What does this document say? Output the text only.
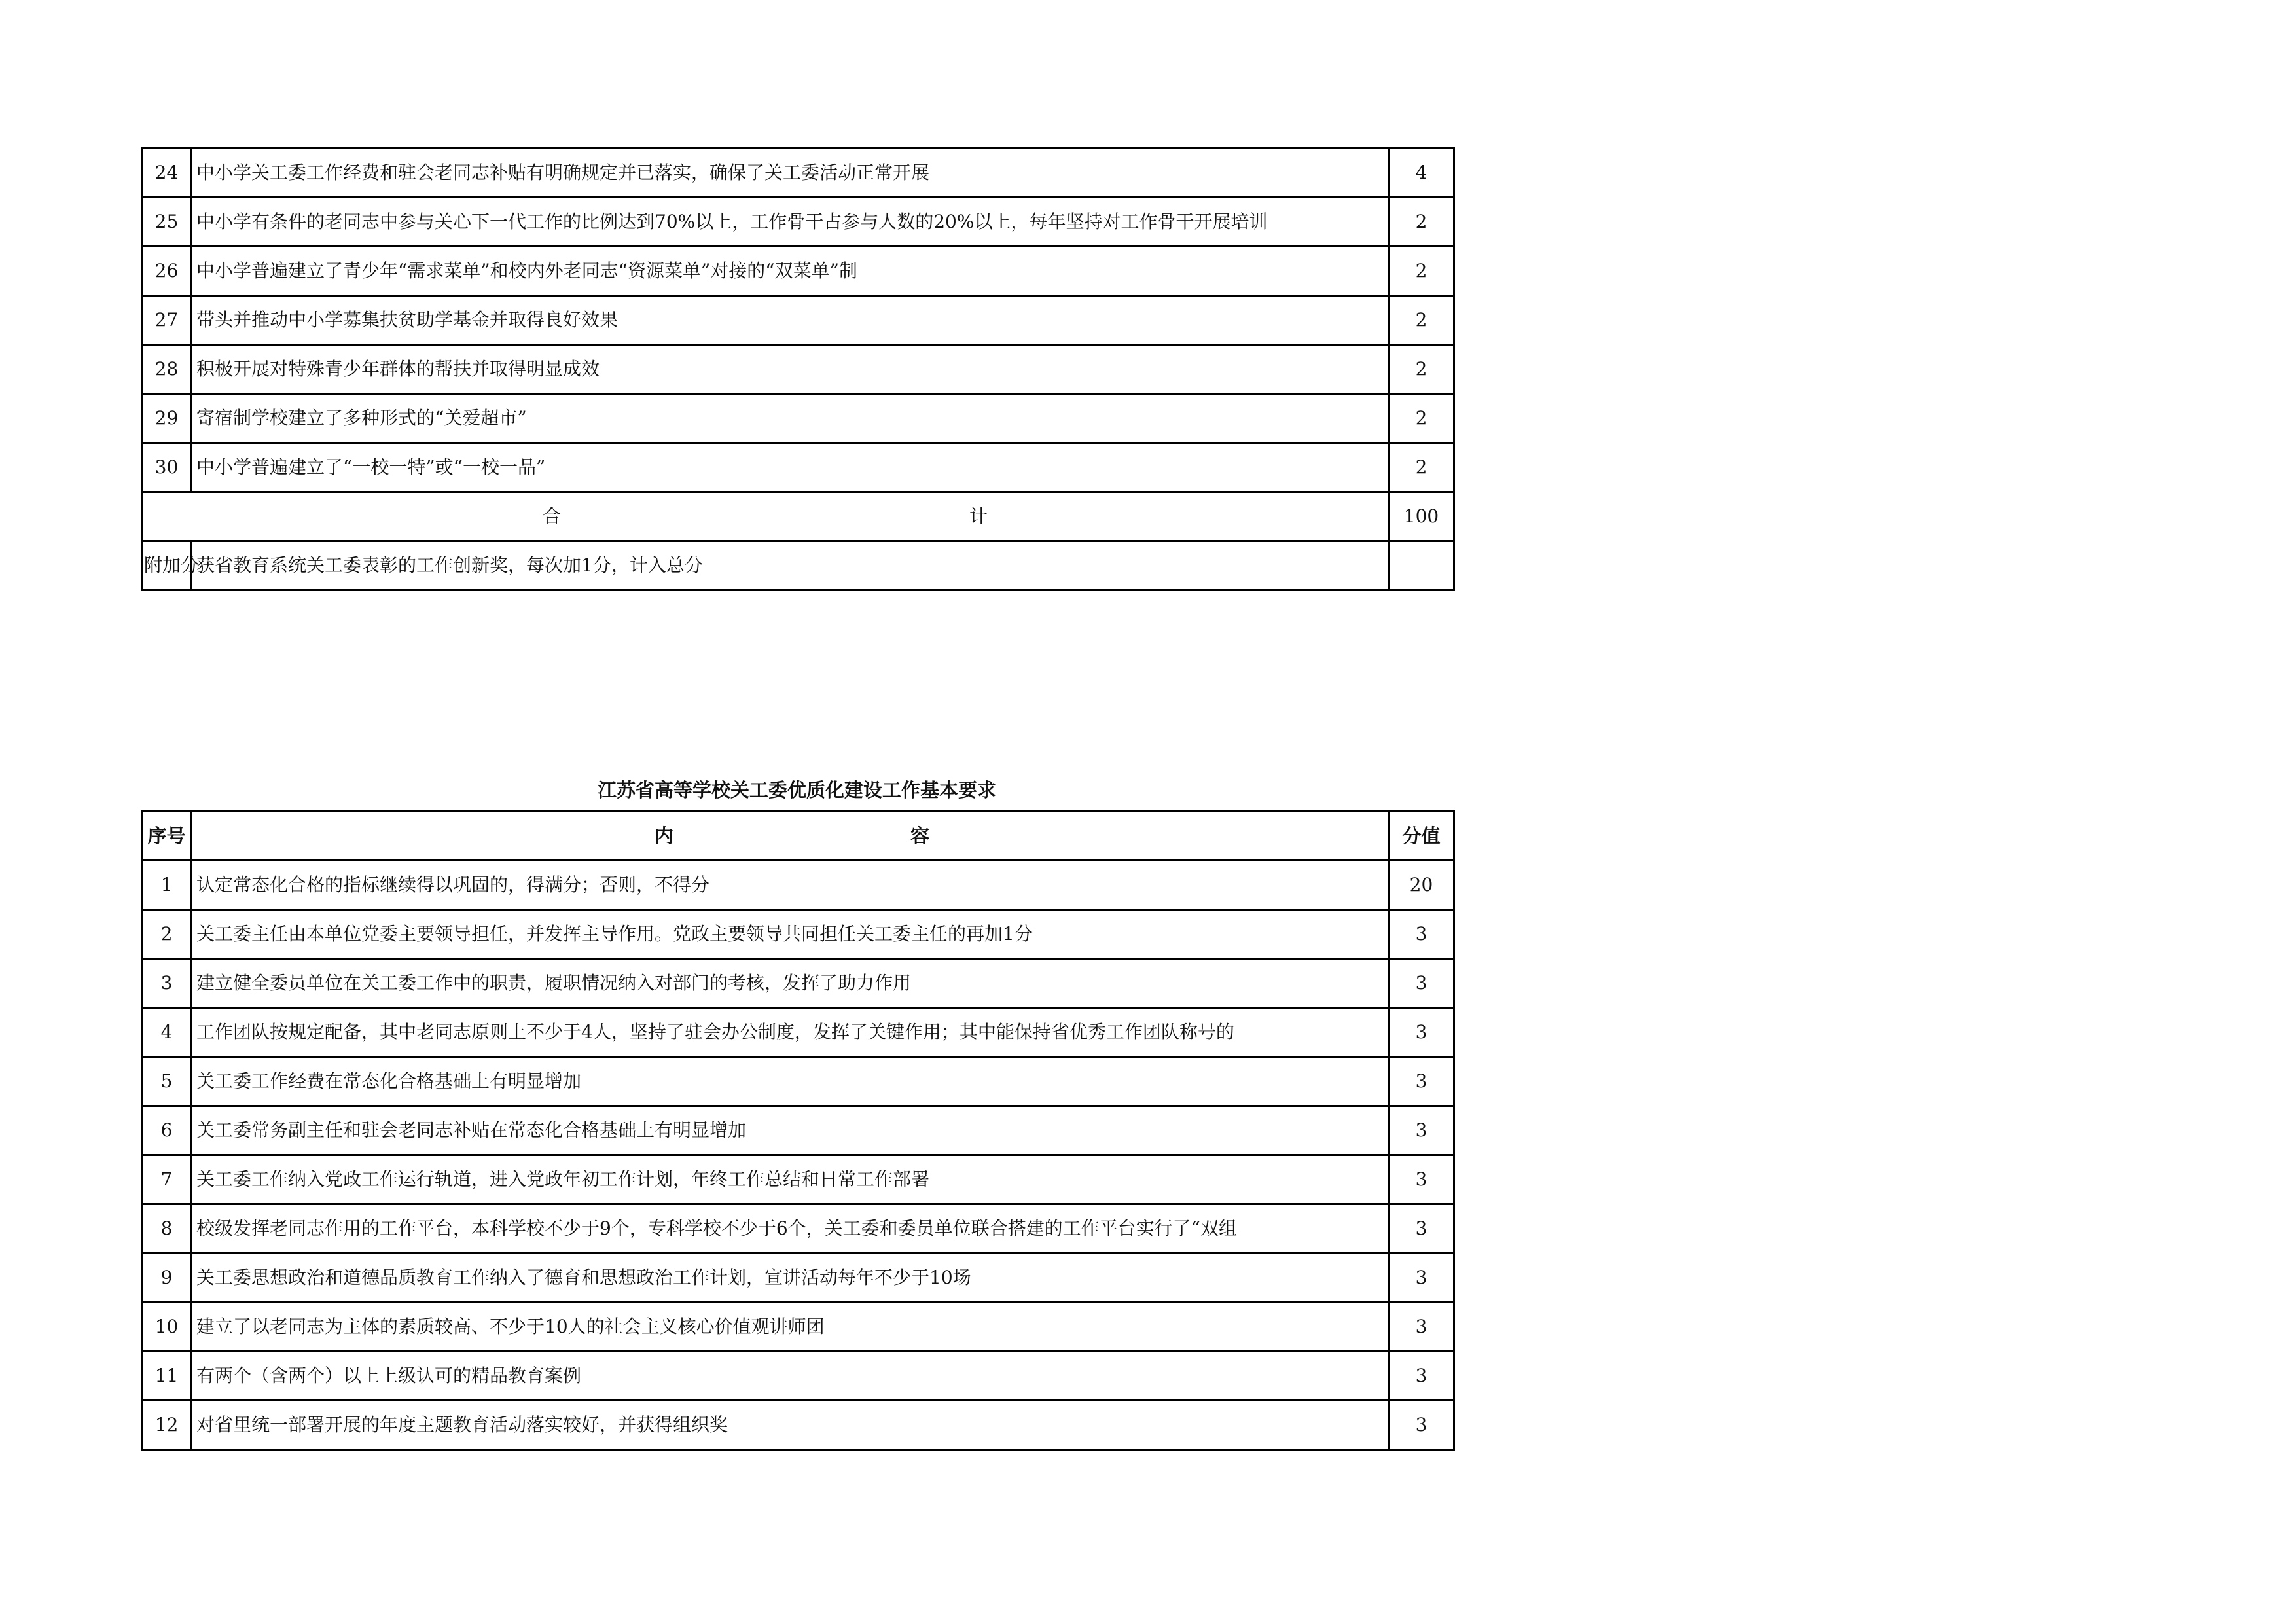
24	中小学关工委工作经费和驻会老同志补贴有明确规定并已落实，确保了关工委活动正常开展	4
25	中小学有条件的老同志中参与关心下一代工作的比例达到70%以上，工作骨干占参与人数的20%以上，每年坚持对工作骨干开展培训	2
26	中小学普遍建立了青少年“需求菜单”和校内外老同志“资源菜单”对接的“双菜单”制	2
27	带头并推动中小学募集扶贫助学基金并取得良好效果	2
28	积极开展对特殊青少年群体的帮扶并取得明显成效	2
29	寄宿制学校建立了多种形式的“关爱超市”	2
30	中小学普遍建立了“一校一特”或“一校一品”	2
合 计		100
附加分	获省教育系统关工委表彰的工作创新奖，每次加1分，计入总分	
江苏省高等学校关工委优质化建设工作基本要求
序号	内 容	分值
1	认定常态化合格的指标继续得以巩固的，得满分；否则，不得分	20
2	关工委主任由本单位党委主要领导担任，并发挥主导作用。党政主要领导共同担任关工委主任的再加1分	3
3	建立健全委员单位在关工委工作中的职责，履职情况纳入对部门的考核，发挥了助力作用	3
4	工作团队按规定配备，其中老同志原则上不少于4人，坚持了驻会办公制度，发挥了关键作用；其中能保持省优秀工作团队称号的	3
5	关工委工作经费在常态化合格基础上有明显增加	3
6	关工委常务副主任和驻会老同志补贴在常态化合格基础上有明显增加	3
7	关工委工作纳入党政工作运行轨道，进入党政年初工作计划，年终工作总结和日常工作部署	3
8	校级发挥老同志作用的工作平台，本科学校不少于9个，专科学校不少于6个，关工委和委员单位联合搭建的工作平台实行了“双组	3
9	关工委思想政治和道德品质教育工作纳入了德育和思想政治工作计划，宣讲活动每年不少于10场	3
10	建立了以老同志为主体的素质较高、不少于10人的社会主义核心价值观讲师团	3
11	有两个（含两个）以上上级认可的精品教育案例	3
12	对省里统一部署开展的年度主题教育活动落实较好，并获得组织奖	3
